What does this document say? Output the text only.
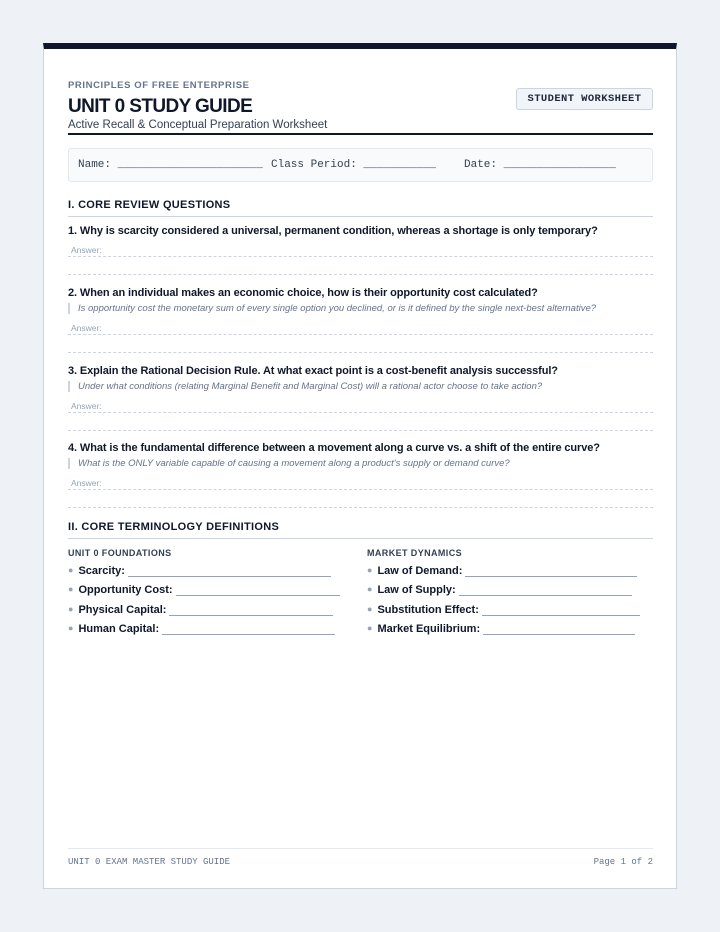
PRINCIPLES OF FREE ENTERPRISE
UNIT 0 STUDY GUIDE
Active Recall & Conceptual Preparation Worksheet
STUDENT WORKSHEET
Name: ______________________ Class Period: ___________	Date: _________________
I. CORE REVIEW QUESTIONS
1. Why is scarcity considered a universal, permanent condition, whereas a shortage is only temporary?
Answer:
2. When an individual makes an economic choice, how is their opportunity cost calculated?
Is opportunity cost the monetary sum of every single option you declined, or is it defined by the single next-best alternative?
Answer:
3. Explain the Rational Decision Rule. At what exact point is a cost-benefit analysis successful?
Under what conditions (relating Marginal Benefit and Marginal Cost) will a rational actor choose to take action?
Answer:
4. What is the fundamental difference between a movement along a curve vs. a shift of the entire curve?
What is the ONLY variable capable of causing a movement along a product's supply or demand curve?
Answer:
II. CORE TERMINOLOGY DEFINITIONS
UNIT 0 FOUNDATIONS
● Scarcity:
● Opportunity Cost:
● Physical Capital:
● Human Capital:
MARKET DYNAMICS
● Law of Demand:
● Law of Supply:
● Substitution Effect:
● Market Equilibrium:
UNIT 0 EXAM MASTER STUDY GUIDE	Page 1 of 2
